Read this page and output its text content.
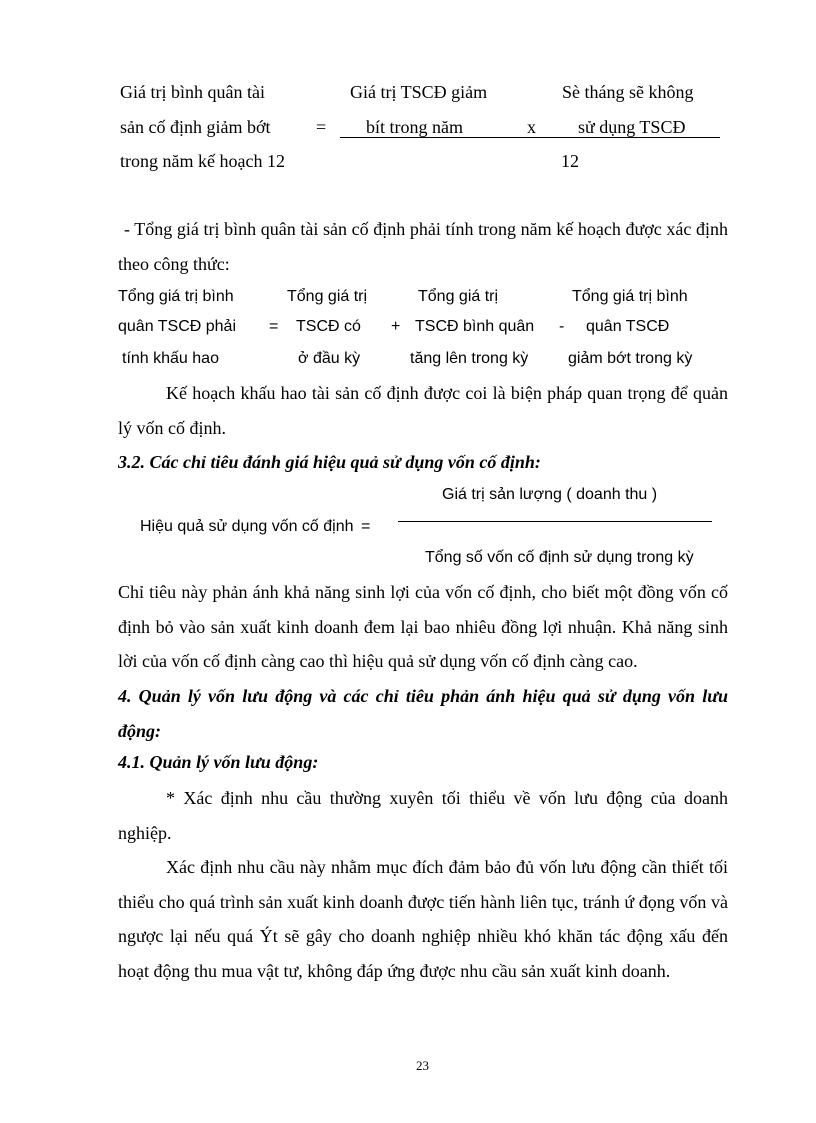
Giá trị bình quân tài
sản cố định giảm bớt
trong năm kế hoạch 12
=
Giá trị TSCĐ giảm
bít trong năm	x
Sè tháng sẽ không
sử dụng TSCĐ
12
- Tổng giá trị bình quân tài sản cố định phải tính trong năm kế hoạch được xác định theo công thức:
Tổng giá trị bình
quân TSCĐ phải
tính khấu hao
=
Tổng giá trị
TSCĐ có
ở đầu kỳ
+
Tổng giá trị
TSCĐ bình quân
tăng lên trong kỳ
-
Tổng giá trị bình
quân TSCĐ
giảm bớt trong kỳ
Kế hoạch khấu hao tài sản cố định được coi là biện pháp quan trọng để quản lý vốn cố định.
3.2. Các chỉ tiêu đánh giá hiệu quả sử dụng vốn cố định:
Giá trị sản lượng ( doanh thu )
Hiệu quả sử dụng vốn cố định =
Tổng số vốn cố định sử dụng trong kỳ
Chỉ tiêu này phản ánh khả năng sinh lợi của vốn cố định, cho biết một đồng vốn cố định bỏ vào sản xuất kinh doanh đem lại bao nhiêu đồng lợi nhuận. Khả năng sinh lời của vốn cố định càng cao thì hiệu quả sử dụng vốn cố định càng cao.
4. Quản lý vốn lưu động và các chỉ tiêu phản ánh hiệu quả sử dụng vốn lưu động:
4.1. Quản lý vốn lưu động:
* Xác định nhu cầu thường xuyên tối thiểu về vốn lưu động của doanh nghiệp.
Xác định nhu cầu này nhằm mục đích đảm bảo đủ vốn lưu động cần thiết tối thiểu cho quá trình sản xuất kinh doanh được tiến hành liên tục, tránh ứ đọng vốn và ngược lại nếu quá Ýt sẽ gây cho doanh nghiệp nhiều khó khăn tác động xấu đến hoạt động thu mua vật tư, không đáp ứng được nhu cầu sản xuất kinh doanh.
23
